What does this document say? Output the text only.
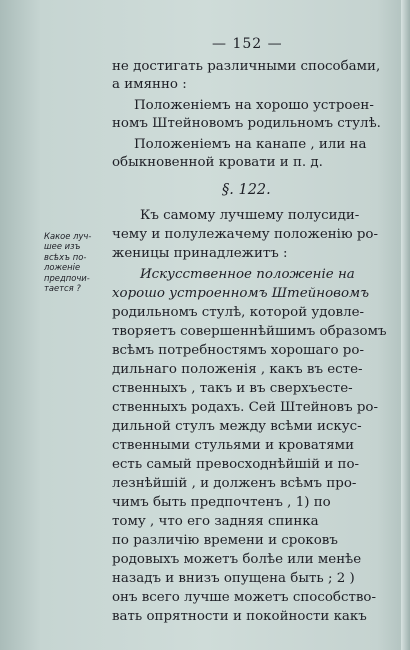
— 152 —
не достигать различными способами,
а имянно :
Положеніемъ на хорошо устроен-
номъ Штейновомъ родильномъ стулѣ.
Положеніемъ на канапе , или на
обыкновенной кровати и п. д.
§. 122.
Какое луч-
шее изъ
всѣхъ по-
ложеніе
предпочи-
тается ?
Къ самому лучшему полусиди-
чему и полулежачему положенію ро-
женицы принадлежитъ :
Искусственное положеніе на
хорошо устроенномъ Штейновомъ
родильномъ стулѣ, которой удовле-
творяетъ совершеннѣйшимъ образомъ
всѣмъ потребностямъ хорошаго ро-
дильнаго положенія , какъ въ есте-
ственныхъ , такъ и въ сверхъесте-
ственныхъ родахъ. Сей Штейновъ ро-
дильной стулъ между всѣми искус-
ственными стульями и кроватями
есть самый превосходнѣйшій и по-
лезнѣйшій , и долженъ всѣмъ про-
чимъ быть предпочтенъ , 1) по
тому , что его задняя спинка
по различію времени и сроковъ
родовыхъ можетъ болѣе или менѣе
назадъ и внизъ опущена быть ; 2 )
онъ всего лучше можетъ способство-
вать опрятности и покойности какъ
